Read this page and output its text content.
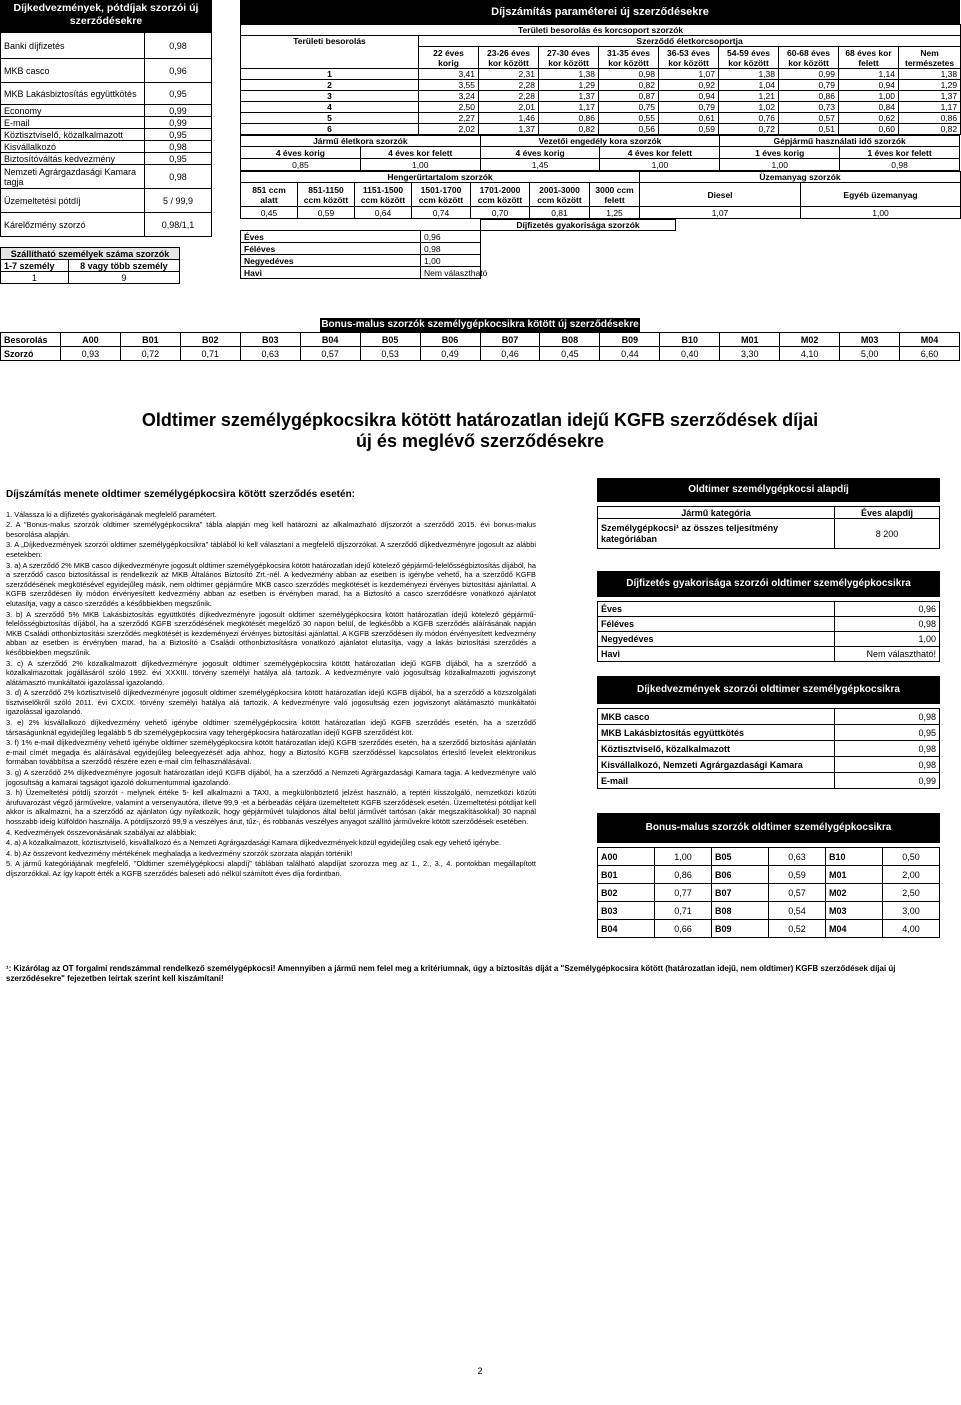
Díjkedvezmények, pótdíjak szorzói új szerződésekre
Banki díjfizetés	0,98
MKB casco	0,96
MKB Lakásbiztosítás együttkötés	0,95
Economy	0,99
E-mail	0,99
Köztisztviselő, közalkalmazott	0,95
Kisvállalkozó	0,98
Biztosítóváltás kedvezmény	0,95
Nemzeti Agrárgazdasági Kamara tagja	0,98
Üzemeltetési pótdíj	5 / 99,9
Kárelőzmény szorzó	0,98/1,1
Szállítható személyek száma szorzók	
1-7 személy	8 vagy több személy
1	9
Díjszámítás paraméterei új szerződésekre
Területi besorolás és korcsoport szorzók									
Területi besorolás	Szerződő életkorcsoportja								
	22 éves korig	23-26 éves kor között	27-30 éves kor között	31-35 éves kor között	36-53 éves kor között	54-59 éves kor között	60-68 éves kor között	68 éves kor felett	Nem természetes
1	3,41	2,31	1,38	0,98	1,07	1,38	0,99	1,14	1,38
2	3,55	2,28	1,29	0,82	0,92	1,04	0,79	0,94	1,29
3	3,24	2,28	1,37	0,87	0,94	1,21	0,86	1,00	1,37
4	2,50	2,01	1,17	0,75	0,79	1,02	0,73	0,84	1,17
5	2,27	1,46	0,86	0,55	0,61	0,76	0,57	0,62	0,86
6	2,02	1,37	0,82	0,56	0,59	0,72	0,51	0,60	0,82
Jármű életkora szorzók		Vezetői engedély kora szorzók		Gépjármű használati idő szorzók	
4 éves korig	4 éves kor felett	4 éves korig	4 éves kor felett	1 éves korig	1 éves kor felett
0,85	1,00	1,45	1,00	1,00	0,98
Hengerűrtartalom szorzók							Üzemanyag szorzók	
851 ccm alatt	851-1150 ccm között	1151-1500 ccm között	1501-1700 ccm között	1701-2000 ccm között	2001-3000 ccm között	3000 ccm felett	Diesel	Egyéb üzemanyag
0,45	0,59	0,64	0,74	0,70	0,81	1,25	1,07	1,00
		Díjfizetés gyakorisága szorzók
Éves	0,96	
Féléves	0,98	
Negyedéves	1,00	
Havi	Nem választható	
Bonus-malus szorzók személygépkocsikra kötött új szerződésekre
Besorolás	A00	B01	B02	B03	B04	B05	B06	B07	B08	B09	B10	M01	M02	M03	M04
Szorzó	0,93	0,72	0,71	0,63	0,57	0,53	0,49	0,46	0,45	0,44	0,40	3,30	4,10	5,00	6,60
Oldtimer személygépkocsikra kötött határozatlan idejű KGFB szerződések díjai
új és meglévő szerződésekre
Díjszámítás menete oldtimer személygépkocsira kötött szerződés esetén:
1. Válassza ki a díjfizetés gyakoriságának megfelelő paramétert.
2. A "Bonus-malus szorzók oldtimer személygépkocsikra" tábla alapján meg kell határozni az alkalmazható díjszorzót a szerződő 2015. évi bonus-malus besorolása alapján.
3. A „Díjkedvezmények szorzói oldtimer személygépkocsikra” táblából ki kell választani a megfelelő díjszorzókat. A szerződő díjkedvezményre jogosult az alábbi esetekben:
3. a) A szerződő 2% MKB casco díjkedvezményre jogosult oldtimer személygépkocsira kötött határozatlan idejű kötelező gépjármű-felelősségbiztosítás díjából, ha a szerződő casco biztosítással is rendelkezik az MKB Általános Biztosító Zrt.-nél. A kedvezmény abban az esetben is igénybe vehető, ha a szerződő KGFB szerződésének megkötésével egyidejűleg másik, nem oldtimer gépjárműre MKB casco szerződés megkötését is kezdeményezi érvényes biztosítási ajánlattal. A KGFB szerződésen ily módon érvényesített kedvezmény abban az esetben is érvényben marad, ha a Biztosító a casco szerződésre vonatkozó ajánlatot elutasítja, vagy a casco szerződés a későbbiekben megszűnik.
3. b) A szerződő 5% MKB Lakásbiztosítás együttkötés díjkedvezményre jogosult oldtimer személygépkocsira kötött határozatlan idejű kötelező gépjármű-felelősségbiztosítás díjából, ha a szerződő KGFB szerződésének megkötését megelőző 30 napon belül, de legkésőbb a KGFB szerződés aláírásának napján MKB Családi otthonbiztosítási szerződés megkötését is kezdeményezi érvényes biztosítási ajánlattal. A KGFB szerződésen ily módon érvényesített kedvezmény abban az esetben is érvényben marad, ha a Biztosító a Családi otthonbiztosításra vonatkozó ajánlatot elutasítja, vagy a lakás biztosítási szerződés a későbbiekben megszűnik.
3. c) A szerződő 2% közalkalmazott díjkedvezményre jogosult oldtimer személygépkocsira kötött határozatlan idejű KGFB díjából, ha a szerződő a közalkalmazottak jogállásáról szóló 1992. évi XXXIII. törvény személyi hatálya alá tartozik. A kedvezményre való jogosultság közalkalmazotti jogviszonyt alátámasztó munkáltatói igazolással igazolandó.
3. d) A szerződő 2% köztisztviselő díjkedvezményre jogosult oldtimer személygépkocsira kötött határozatlan idejű KGFB díjából, ha a szerződő a közszolgálati tisztviselőkről szóló 2011. évi CXCIX. törvény személyi hatálya alá tartozik. A kedvezményre való jogosultság ezen jogviszonyt alátámasztó munkáltatói igazolással igazolandó.
3. e) 2% kisvállalkozó díjkedvezmény vehető igénybe oldtimer személygépkocsira kötött határozatlan idejű KGFB szerződés esetén, ha a szerződő társaságunknál egyidejűleg legalább 5 db személygépkocsira vagy tehergépkocsira határozatlan idejű KGFB szerződést köt.
3. f) 1% e-mail díjkedvezmény vehető igénybe oldtimer személygépkocsira kötött határozatlan idejű KGFB szerződés esetén, ha a szerződő biztosítási ajánlatán e-mail címét megadja és aláírásával egyidejűleg beleegyezését adja ahhoz, hogy a Biztosító KGFB szerződéssel kapcsolatos értesítő leveleit elektronikus formában továbbítsa a szerződő részére ezen e-mail cím felhasználásával.
3. g) A szerződő 2% díjkedvezményre jogosult határozatlan idejű KGFB díjából, ha a szerződő a Nemzeti Agrárgazdasági Kamara tagja. A kedvezményre való jogosultság a kamarai tagságot igazoló dokumentummal igazolandó.
3. h) Üzemeltetési pótdíj szorzót - melynek értéke 5- kell alkalmazni a TAXI, a megkülönböztető jelzést használó, a reptéri kisszolgáló, nemzetközi közúti árufuvarozást végző járművekre, valamint a versenyautóra, illetve 99,9 -et a bérbeadás céljára üzemeltetett KGFB szerződések esetén. Üzemeltetési pótdíjat kell akkor is alkalmazni, ha a szerződő az ajánlaton úgy nyilatkozik, hogy gépjárművét tulajdonos által belül járművét tartósan (akár megszakításokkal) 30 napnál hosszabb ideig külföldön használja. A pótdíjszorzó 99,9 a veszélyes árut, tűz-, és robbanás veszélyes anyagot szállító járművekre kötött szerződések esetében.
4. Kedvezmények összevonásának szabályai az alábbiak:
4. a) A közalkalmazott, köztisztviselő, kisvállalkozó és a Nemzeti Agrárgazdasági Kamara díjkedvezmények közül egyidejűleg csak egy vehető igénybe.
4. b) Az összevont kedvezmény mértékének meghaladja a kedvezmény szorzók szorzata alapján történik!
5. A jármű kategóriájának megfelelő, "Oldtimer személygépkocsi alapdíj" táblában található alapdíjat szorozza meg az 1., 2., 3., 4. pontokban megállapított díjszorzókkal. Az így kapott érték a KGFB szerződés baleseti adó nélkül számított éves díja fordintban.
Oldtimer személygépkocsi alapdíj
Jármű kategória	Éves alapdíj
Személygépkocsi¹ az összes teljesítmény kategóriában	8 200
Díjfizetés gyakorisága szorzói oldtimer személygépkocsikra
Éves	0,96
Féléves	0,98
Negyedéves	1,00
Havi	Nem választható!
Díjkedvezmények szorzói oldtimer személygépkocsikra
MKB casco	0,98
MKB Lakásbiztosítás együttkötés	0,95
Köztisztviselő, közalkalmazott	0,98
Kisvállalkozó, Nemzeti Agrárgazdasági Kamara	0,98
E-mail	0,99
Bonus-malus szorzók oldtimer személygépkocsikra
A00	1,00	B05	0,63	B10	0,50
B01	0,86	B06	0,59	M01	2,00
B02	0,77	B07	0,57	M02	2,50
B03	0,71	B08	0,54	M03	3,00
B04	0,66	B09	0,52	M04	4,00
¹: Kizárólag az OT forgalmi rendszámmal rendelkező személygépkocsi! Amennyiben a jármű nem felel meg a kritériumnak, úgy a biztosítás díját a "Személygépkocsira kötött (határozatlan idejű, nem oldtimer) KGFB szerződések díjai új szerződésekre" fejezetben leírtak szerint kell kiszámítani!
2
